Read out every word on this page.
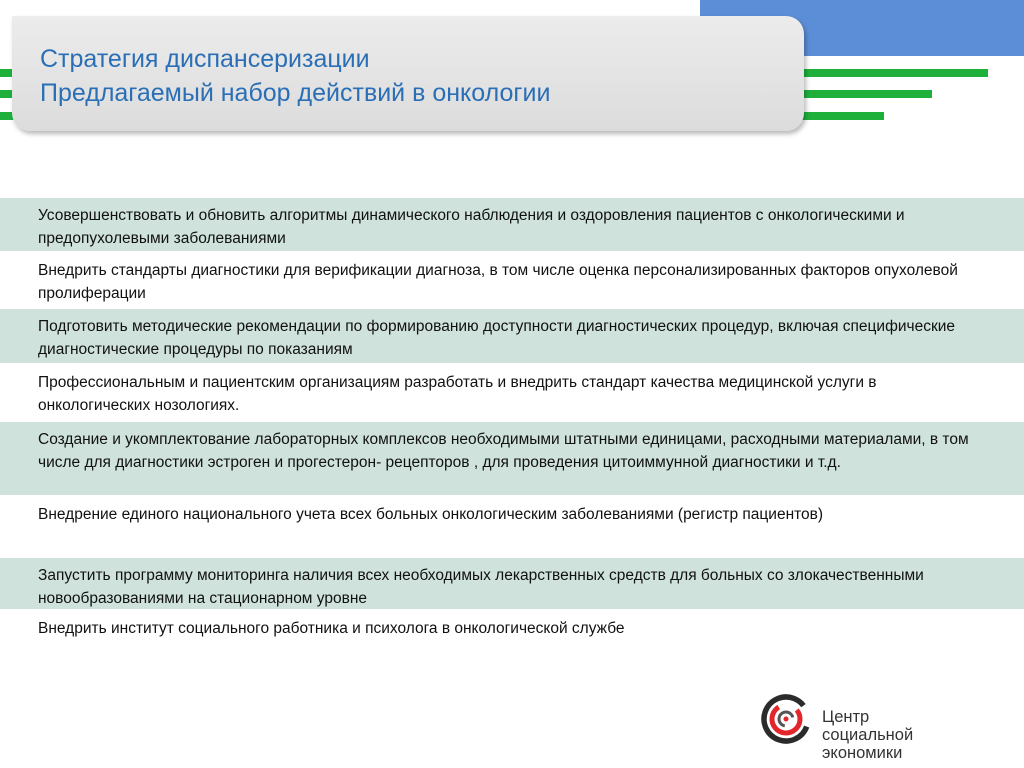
Стратегия диспансеризации
Предлагаемый набор действий в онкологии
Усовершенствовать и обновить алгоритмы динамического наблюдения и оздоровления пациентов с онкологическими и предопухолевыми заболеваниями
Внедрить стандарты диагностики для верификации диагноза, в том числе оценка персонализированных факторов опухолевой пролиферации
Подготовить методические рекомендации по формированию доступности диагностических процедур, включая специфические диагностические процедуры по показаниям
Профессиональным и пациентским организациям разработать и внедрить стандарт качества медицинской услуги в онкологических нозологиях.
Создание и укомплектование лабораторных комплексов необходимыми штатными единицами, расходными материалами, в том числе для диагностики эстроген и прогестерон- рецепторов , для проведения цитоиммунной диагностики и т.д.
Внедрение единого национального учета всех больных онкологическим заболеваниями (регистр пациентов)
Запустить программу мониторинга наличия всех необходимых лекарственных средств для больных со злокачественными новообразованиями на стационарном уровне
Внедрить институт социального работника и психолога в онкологической службе
Центр
социальной
экономики
